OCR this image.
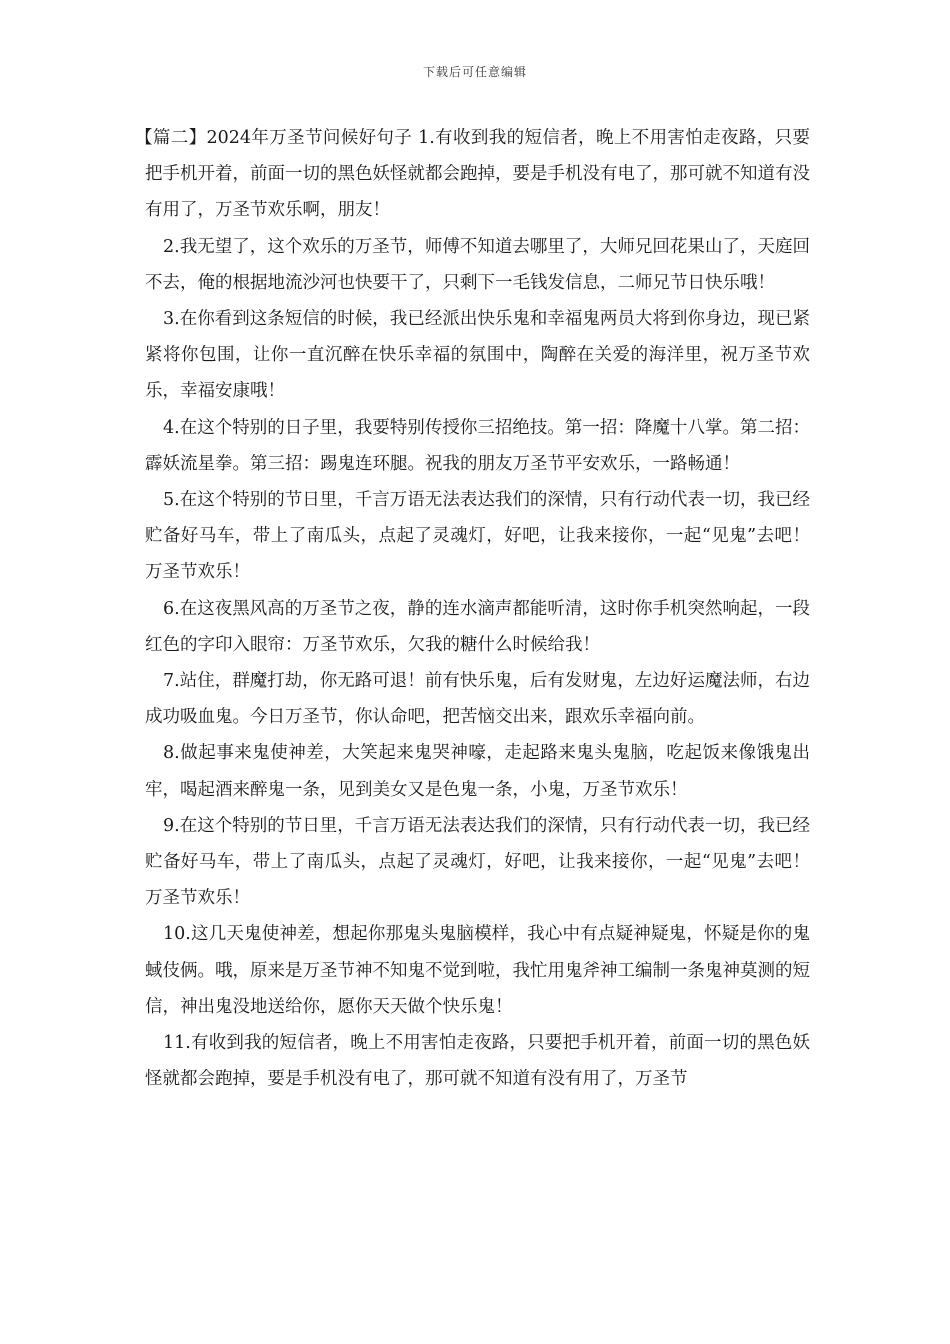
下载后可任意编辑

【篇二】2024年万圣节问候好句子 1.有收到我的短信者，晚上不用害怕走夜路，只要把手机开着，前面一切的黑色妖怪就都会跑掉，要是手机没有电了，那可就不知道有没有用了，万圣节欢乐啊，朋友！

2.我无望了，这个欢乐的万圣节，师傅不知道去哪里了，大师兄回花果山了，天庭回不去，俺的根据地流沙河也快要干了，只剩下一毛钱发信息，二师兄节日快乐哦！

3.在你看到这条短信的时候，我已经派出快乐鬼和幸福鬼两员大将到你身边，现已紧紧将你包围，让你一直沉醉在快乐幸福的氛围中，陶醉在关爱的海洋里，祝万圣节欢乐，幸福安康哦！

4.在这个特别的日子里，我要特别传授你三招绝技。第一招：降魔十八掌。第二招：霹妖流星拳。第三招：踢鬼连环腿。祝我的朋友万圣节平安欢乐，一路畅通！

5.在这个特别的节日里，千言万语无法表达我们的深情，只有行动代表一切，我已经贮备好马车，带上了南瓜头，点起了灵魂灯，好吧，让我来接你，一起“见鬼”去吧！万圣节欢乐！

6.在这夜黑风高的万圣节之夜，静的连水滴声都能听清，这时你手机突然响起，一段红色的字印入眼帘：万圣节欢乐，欠我的糖什么时候给我！

7.站住，群魔打劫，你无路可退！前有快乐鬼，后有发财鬼，左边好运魔法师，右边成功吸血鬼。今日万圣节，你认命吧，把苦恼交出来，跟欢乐幸福向前。

8.做起事来鬼使神差，大笑起来鬼哭神嚎，走起路来鬼头鬼脑，吃起饭来像饿鬼出牢，喝起酒来醉鬼一条，见到美女又是色鬼一条，小鬼，万圣节欢乐！

9.在这个特别的节日里，千言万语无法表达我们的深情，只有行动代表一切，我已经贮备好马车，带上了南瓜头，点起了灵魂灯，好吧，让我来接你，一起“见鬼”去吧！万圣节欢乐！

10.这几天鬼使神差，想起你那鬼头鬼脑模样，我心中有点疑神疑鬼，怀疑是你的鬼蜮伎俩。哦，原来是万圣节神不知鬼不觉到啦，我忙用鬼斧神工编制一条鬼神莫测的短信，神出鬼没地送给你，愿你天天做个快乐鬼！

11.有收到我的短信者，晚上不用害怕走夜路，只要把手机开着，前面一切的黑色妖怪就都会跑掉，要是手机没有电了，那可就不知道有没有用了，万圣节
